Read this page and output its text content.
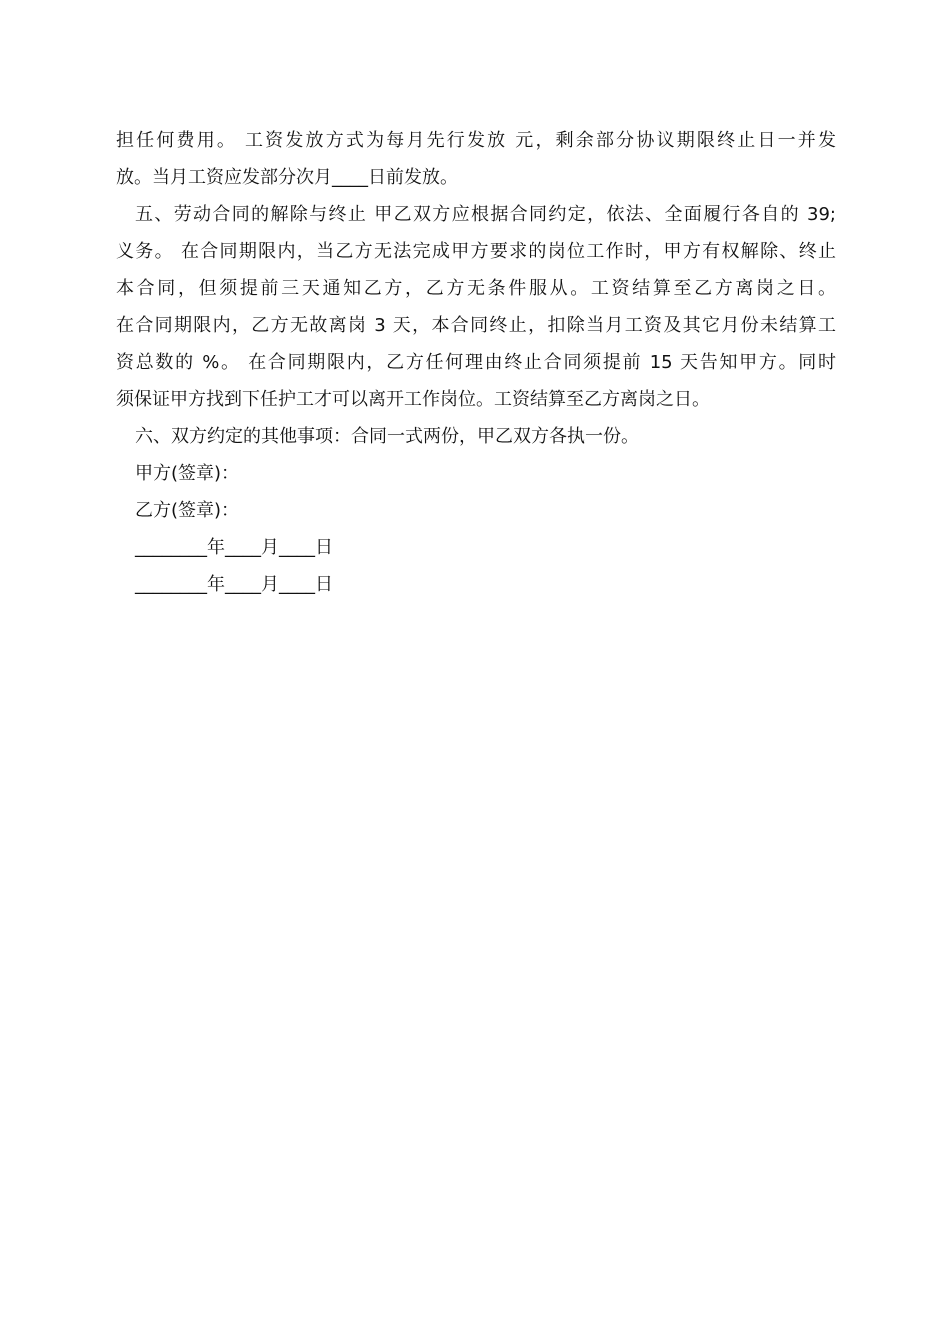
担任何费用。 工资发放方式为每月先行发放 元，剩余部分协议期限终止日一并发
放。当月工资应发部分次月____日前发放。
五、劳动合同的解除与终止 甲乙双方应根据合同约定，依法、全面履行各自的 39;
义务。 在合同期限内，当乙方无法完成甲方要求的岗位工作时，甲方有权解除、终止
本合同，但须提前三天通知乙方，乙方无条件服从。工资结算至乙方离岗之日。
在合同期限内，乙方无故离岗 3 天，本合同终止，扣除当月工资及其它月份未结算工
资总数的 %。 在合同期限内，乙方任何理由终止合同须提前 15 天告知甲方。同时
须保证甲方找到下任护工才可以离开工作岗位。工资结算至乙方离岗之日。
六、双方约定的其他事项：合同一式两份，甲乙双方各执一份。
甲方(签章)：
乙方(签章)：
________年____月____日
________年____月____日
